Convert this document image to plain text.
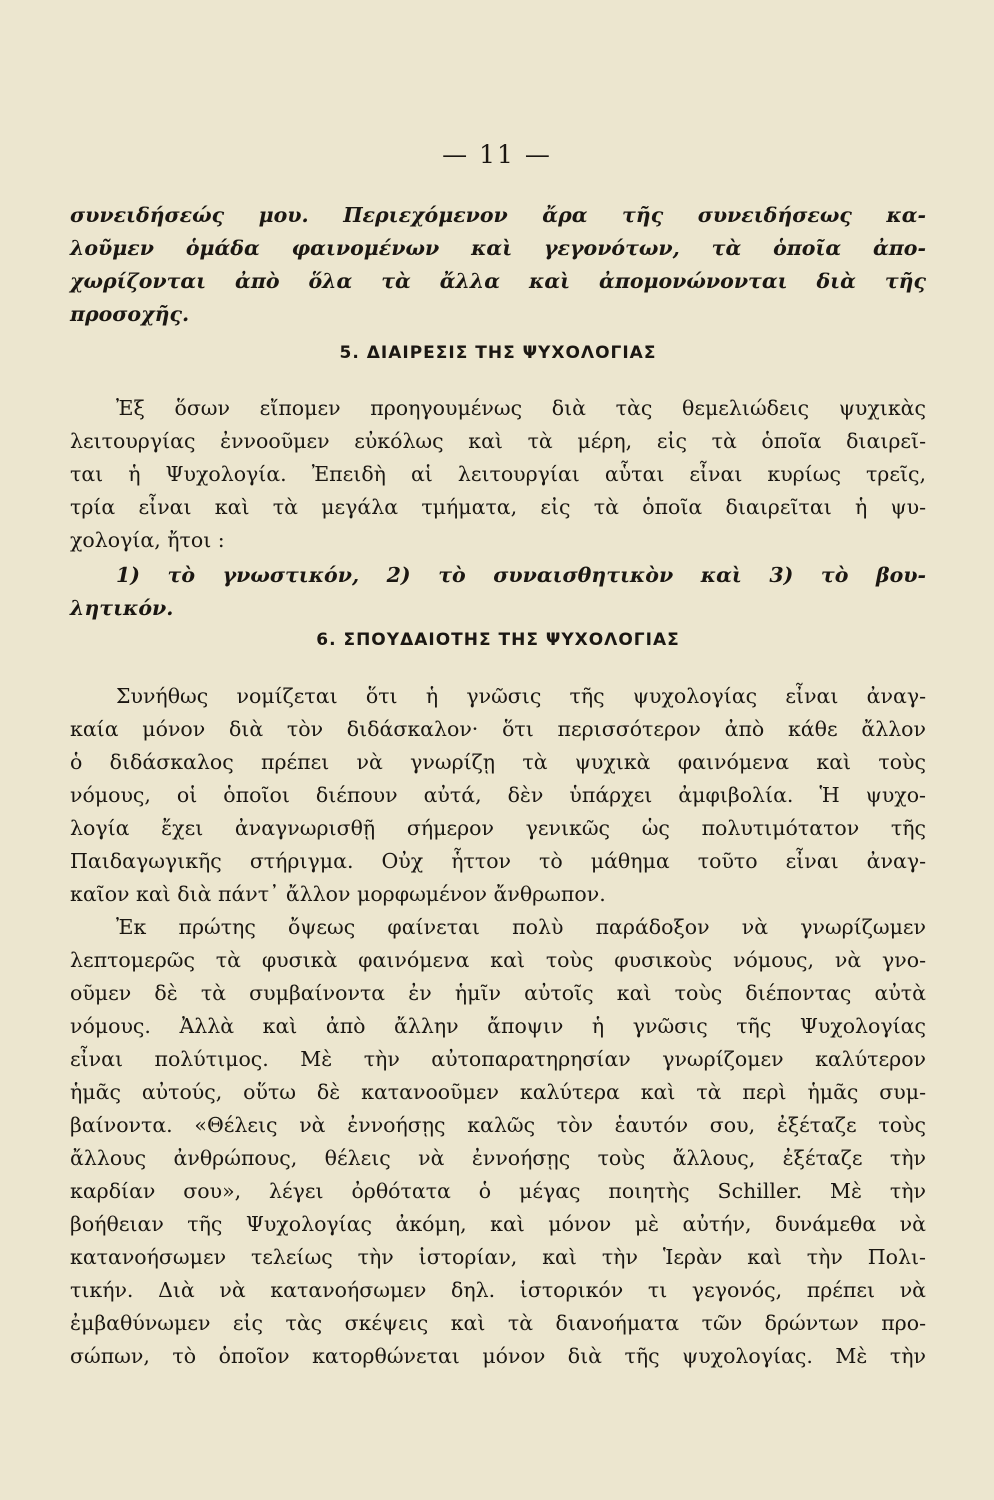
— 11 —
συνειδήσεώς μου. Περιεχόμενον ἄρα τῆς συνειδήσεως κα-
λοῦμεν ὁμάδα φαινομένων καὶ γεγονότων, τὰ ὁποῖα ἀπο-
χωρίζονται ἀπὸ ὅλα τὰ ἄλλα καὶ ἀπομονώνονται διὰ τῆς
προσοχῆς.
5. ΔΙΑΙΡΕΣΙΣ ΤΗΣ ΨΥΧΟΛΟΓΙΑΣ
Ἐξ ὅσων εἴπομεν προηγουμένως διὰ τὰς θεμελιώδεις ψυχικὰς
λειτουργίας ἐννοοῦμεν εὐκόλως καὶ τὰ μέρη, εἰς τὰ ὁποῖα διαιρεῖ-
ται ἡ Ψυχολογία. Ἐπειδὴ αἱ λειτουργίαι αὗται εἶναι κυρίως τρεῖς,
τρία εἶναι καὶ τὰ μεγάλα τμήματα, εἰς τὰ ὁποῖα διαιρεῖται ἡ ψυ-
χολογία, ἤτοι :
1) τὸ γνωστικόν, 2) τὸ συναισθητικὸν καὶ 3) τὸ βου-
λητικόν.
6. ΣΠΟΥΔΑΙΟΤΗΣ ΤΗΣ ΨΥΧΟΛΟΓΙΑΣ
Συνήθως νομίζεται ὅτι ἡ γνῶσις τῆς ψυχολογίας εἶναι ἀναγ-
καία μόνον διὰ τὸν διδάσκαλον· ὅτι περισσότερον ἀπὸ κάθε ἄλλον
ὁ διδάσκαλος πρέπει νὰ γνωρίζῃ τὰ ψυχικὰ φαινόμενα καὶ τοὺς
νόμους, οἱ ὁποῖοι διέπουν αὐτά, δὲν ὑπάρχει ἀμφιβολία. Ἡ ψυχο-
λογία ἔχει ἀναγνωρισθῇ σήμερον γενικῶς ὡς πολυτιμότατον τῆς
Παιδαγωγικῆς στήριγμα. Οὐχ ἧττον τὸ μάθημα τοῦτο εἶναι ἀναγ-
καῖον καὶ διὰ πάντ᾿ ἄλλον μορφωμένον ἄνθρωπον.
Ἐκ πρώτης ὄψεως φαίνεται πολὺ παράδοξον νὰ γνωρίζωμεν
λεπτομερῶς τὰ φυσικὰ φαινόμενα καὶ τοὺς φυσικοὺς νόμους, νὰ γνο-
οῦμεν δὲ τὰ συμβαίνοντα ἐν ἡμῖν αὐτοῖς καὶ τοὺς διέποντας αὐτὰ
νόμους. Ἀλλὰ καὶ ἀπὸ ἄλλην ἄποψιν ἡ γνῶσις τῆς Ψυχολογίας
εἶναι πολύτιμος. Μὲ τὴν αὐτοπαρατηρησίαν γνωρίζομεν καλύτερον
ἡμᾶς αὐτούς, οὕτω δὲ κατανοοῦμεν καλύτερα καὶ τὰ περὶ ἡμᾶς συμ-
βαίνοντα. «Θέλεις νὰ ἐννοήσῃς καλῶς τὸν ἑαυτόν σου, ἐξέταζε τοὺς
ἄλλους ἀνθρώπους, θέλεις νὰ ἐννοήσῃς τοὺς ἄλλους, ἐξέταζε τὴν
καρδίαν σου», λέγει ὀρθότατα ὁ μέγας ποιητὴς Schiller. Μὲ τὴν
βοήθειαν τῆς Ψυχολογίας ἀκόμη, καὶ μόνον μὲ αὐτήν, δυνάμεθα νὰ
κατανοήσωμεν τελείως τὴν ἱστορίαν, καὶ τὴν Ἱερὰν καὶ τὴν Πολι-
τικήν. Διὰ νὰ κατανοήσωμεν δηλ. ἱστορικόν τι γεγονός, πρέπει νὰ
ἐμβαθύνωμεν εἰς τὰς σκέψεις καὶ τὰ διανοήματα τῶν δρώντων προ-
σώπων, τὸ ὁποῖον κατορθώνεται μόνον διὰ τῆς ψυχολογίας. Μὲ τὴν
